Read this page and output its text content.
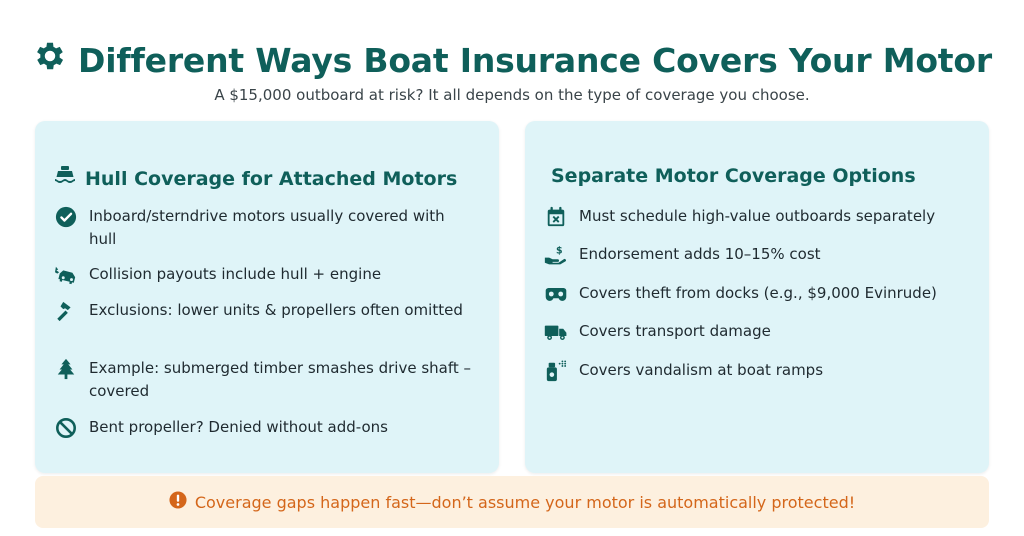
Different Ways Boat Insurance Covers Your Motor
A $15,000 outboard at risk? It all depends on the type of coverage you choose.
Hull Coverage for Attached Motors
Inboard/sterndrive motors usually covered with hull
Collision payouts include hull + engine
Exclusions: lower units & propellers often omitted
Example: submerged timber smashes drive shaft – covered
Bent propeller? Denied without add-ons
Separate Motor Coverage Options
Must schedule high-value outboards separately
$ Endorsement adds 10–15% cost
Covers theft from docks (e.g., $9,000 Evinrude)
Covers transport damage
Covers vandalism at boat ramps
Coverage gaps happen fast—don’t assume your motor is automatically protected!
